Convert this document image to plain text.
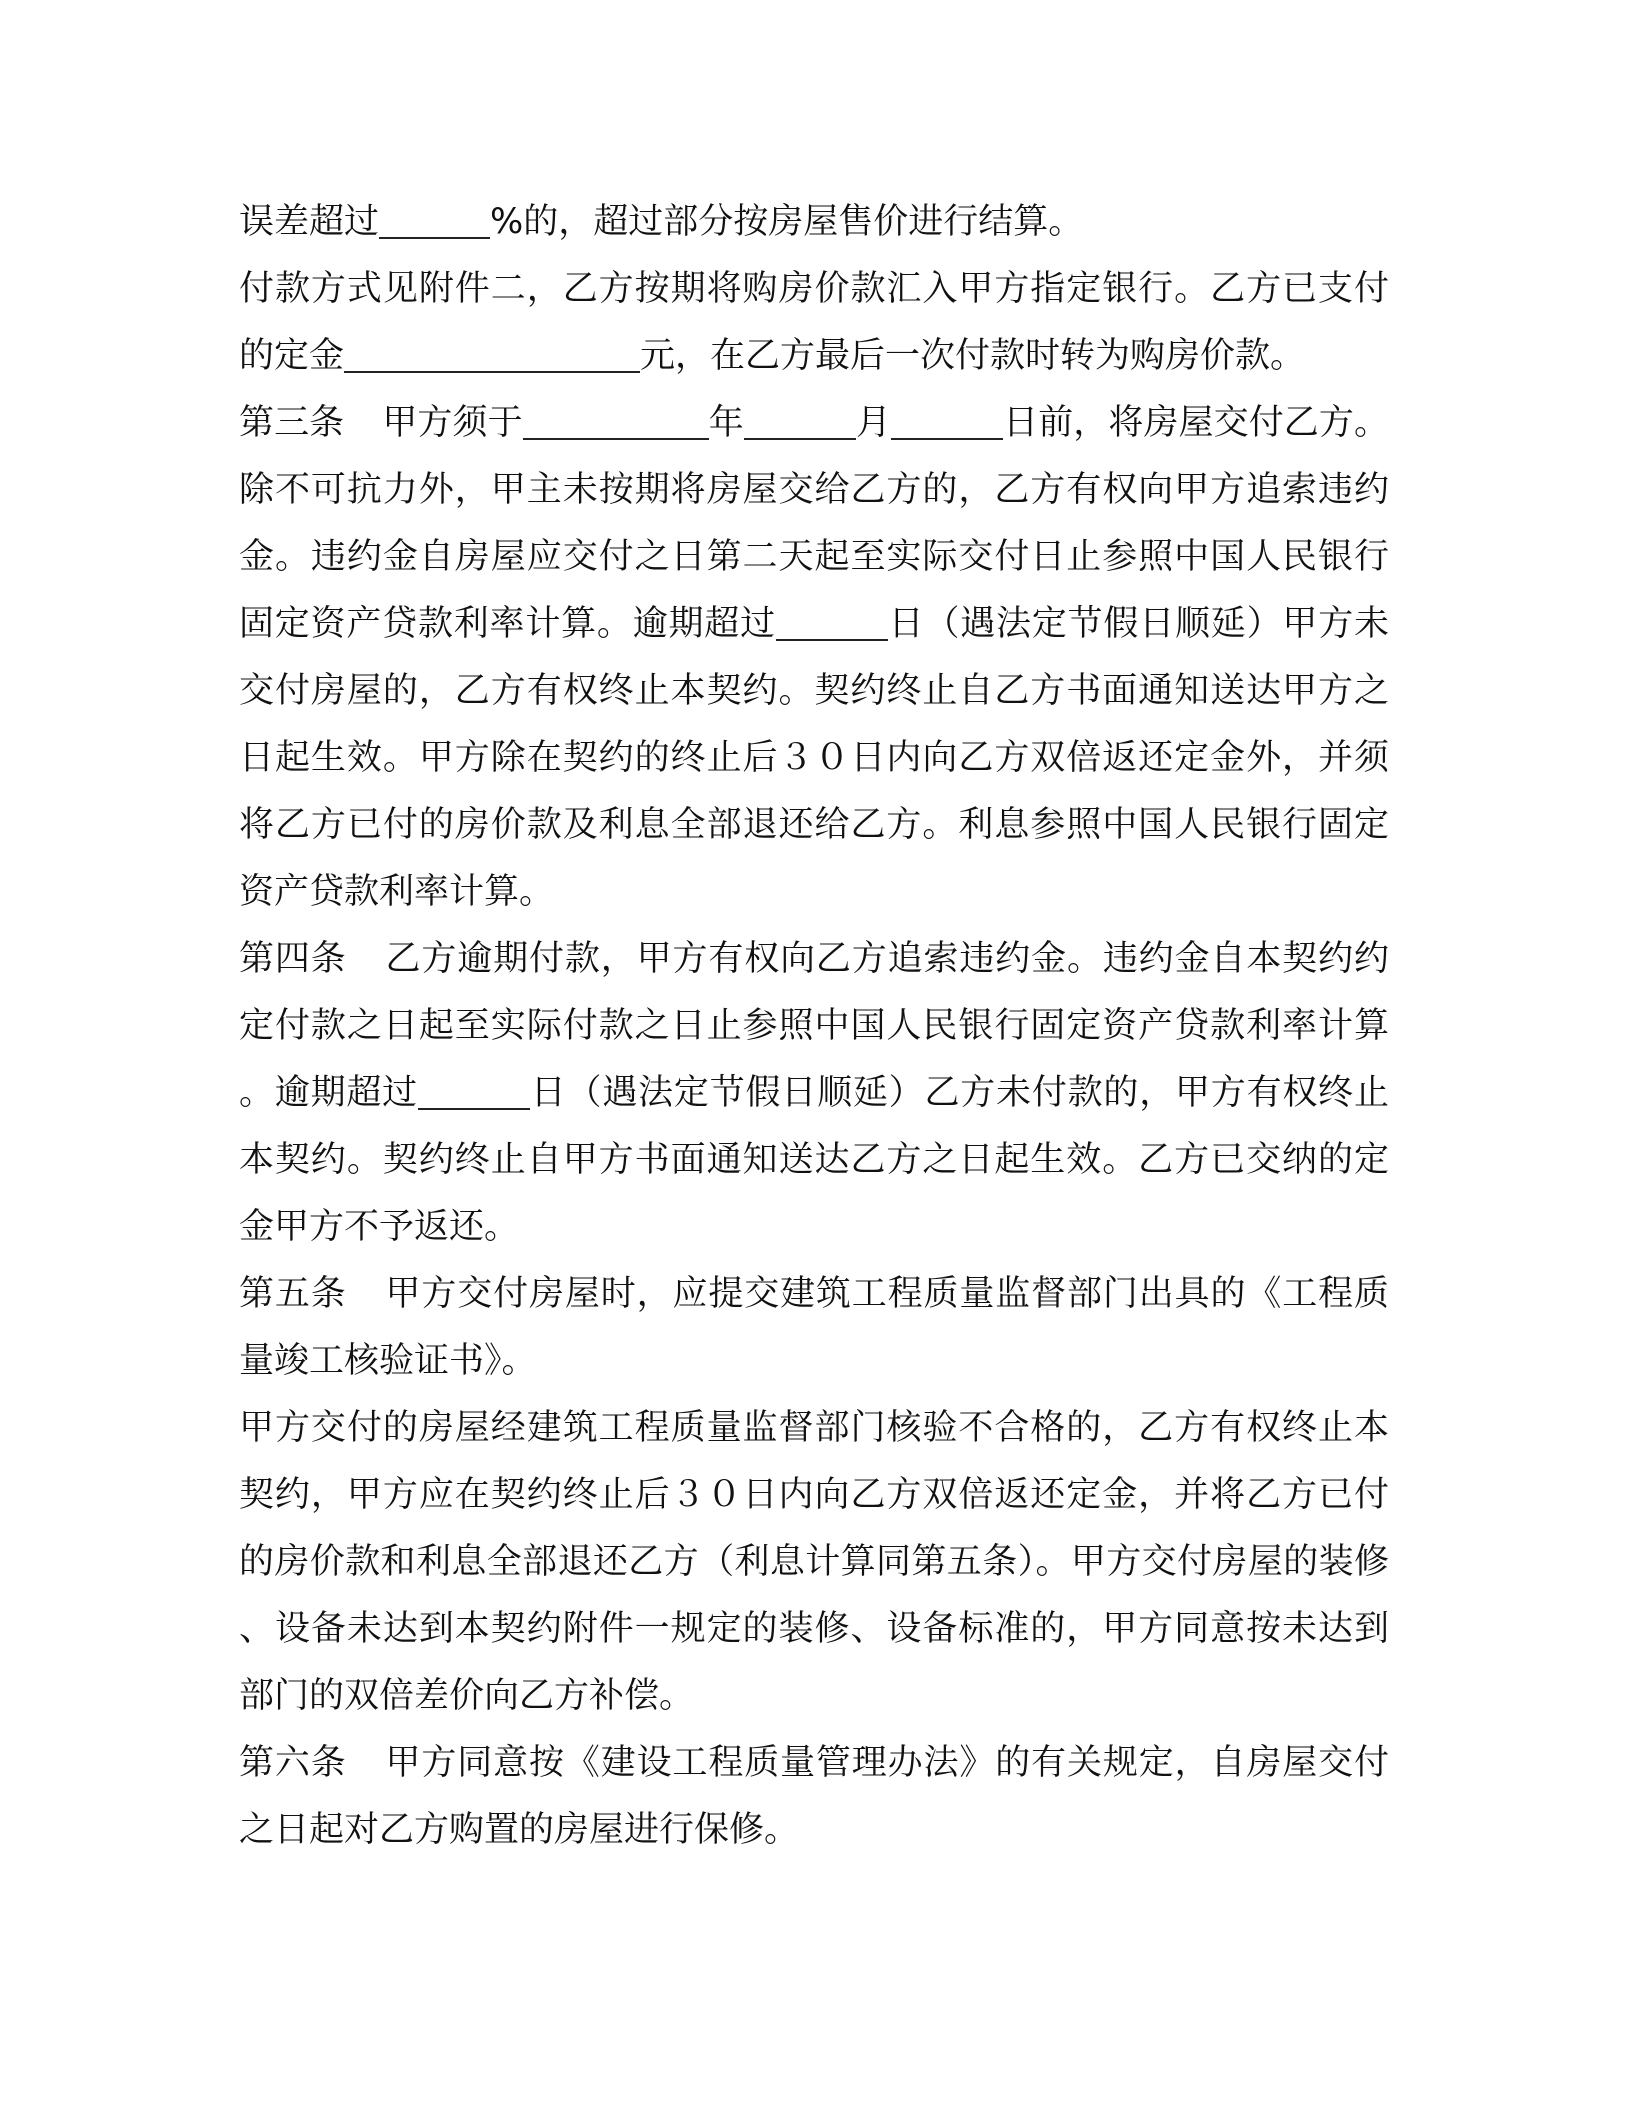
误差超过	%的，超过部分按房屋售价进行结算。

付款方式见附件二，乙方按期将购房价款汇入甲方指定银行。乙方已支付的定金	元，在乙方最后一次付款时转为购房价款。

第三条 甲方须于	年	月	日前，将房屋交付乙方。除不可抗力外，甲主未按期将房屋交给乙方的，乙方有权向甲方追索违约金。违约金自房屋应交付之日第二天起至实际交付日止参照中国人民银行固定资产贷款利率计算。逾期超过	日（遇法定节假日顺延）甲方未交付房屋的，乙方有权终止本契约。契约终止自乙方书面通知送达甲方之日起生效。甲方除在契约的终止后３０日内向乙方双倍返还定金外，并须将乙方已付的房价款及利息全部退还给乙方。利息参照中国人民银行固定资产贷款利率计算。

第四条 乙方逾期付款，甲方有权向乙方追索违约金。违约金自本契约约定付款之日起至实际付款之日止参照中国人民银行固定资产贷款利率计算。逾期超过	日（遇法定节假日顺延）乙方未付款的，甲方有权终止本契约。契约终止自甲方书面通知送达乙方之日起生效。乙方已交纳的定金甲方不予返还。

第五条 甲方交付房屋时，应提交建筑工程质量监督部门出具的《工程质量竣工核验证书》。

甲方交付的房屋经建筑工程质量监督部门核验不合格的，乙方有权终止本契约，甲方应在契约终止后３０日内向乙方双倍返还定金，并将乙方已付的房价款和利息全部退还乙方（利息计算同第五条）。甲方交付房屋的装修、设备未达到本契约附件一规定的装修、设备标准的，甲方同意按未达到部门的双倍差价向乙方补偿。

第六条 甲方同意按《建设工程质量管理办法》的有关规定，自房屋交付之日起对乙方购置的房屋进行保修。
